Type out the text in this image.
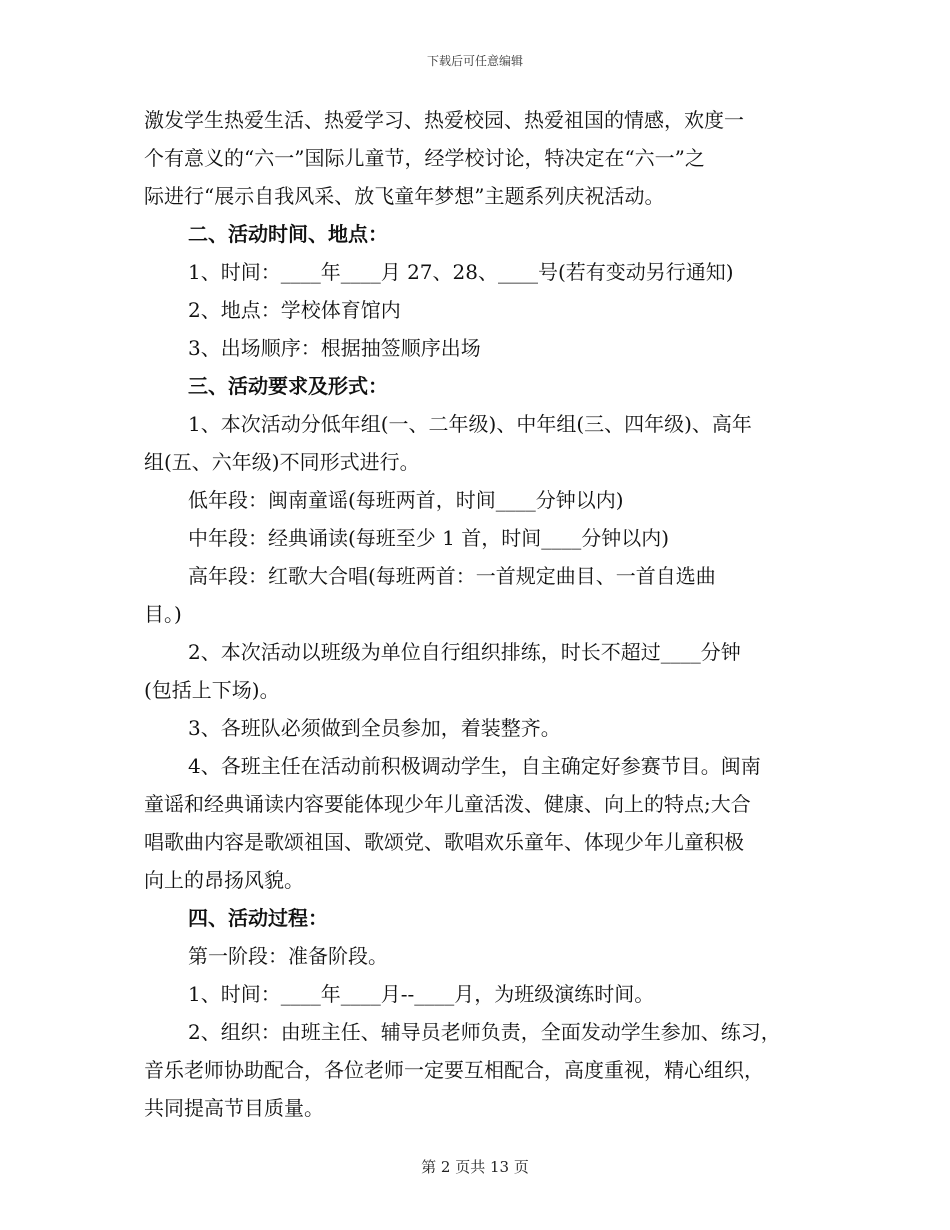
下载后可任意编辑
激发学生热爱生活、热爱学习、热爱校园、热爱祖国的情感，欢度一
个有意义的“六一”国际儿童节，经学校讨论，特决定在“六一”之
际进行“展示自我风采、放飞童年梦想”主题系列庆祝活动。
二、活动时间、地点：
1、时间：____年____月 27、28、____号(若有变动另行通知)
2、地点：学校体育馆内
3、出场顺序：根据抽签顺序出场
三、活动要求及形式：
1、本次活动分低年组(一、二年级)、中年组(三、四年级)、高年
组(五、六年级)不同形式进行。
低年段：闽南童谣(每班两首，时间____分钟以内)
中年段：经典诵读(每班至少 1 首，时间____分钟以内)
高年段：红歌大合唱(每班两首：一首规定曲目、一首自选曲
目。)
2、本次活动以班级为单位自行组织排练，时长不超过____分钟
(包括上下场)。
3、各班队必须做到全员参加，着装整齐。
4、各班主任在活动前积极调动学生，自主确定好参赛节目。闽南
童谣和经典诵读内容要能体现少年儿童活泼、健康、向上的特点;大合
唱歌曲内容是歌颂祖国、歌颂党、歌唱欢乐童年、体现少年儿童积极
向上的昂扬风貌。
四、活动过程：
第一阶段：准备阶段。
1、时间：____年____月--____月，为班级演练时间。
2、组织：由班主任、辅导员老师负责，全面发动学生参加、练习，
音乐老师协助配合，各位老师一定要互相配合，高度重视，精心组织，
共同提高节目质量。
第 2 页共 13 页
